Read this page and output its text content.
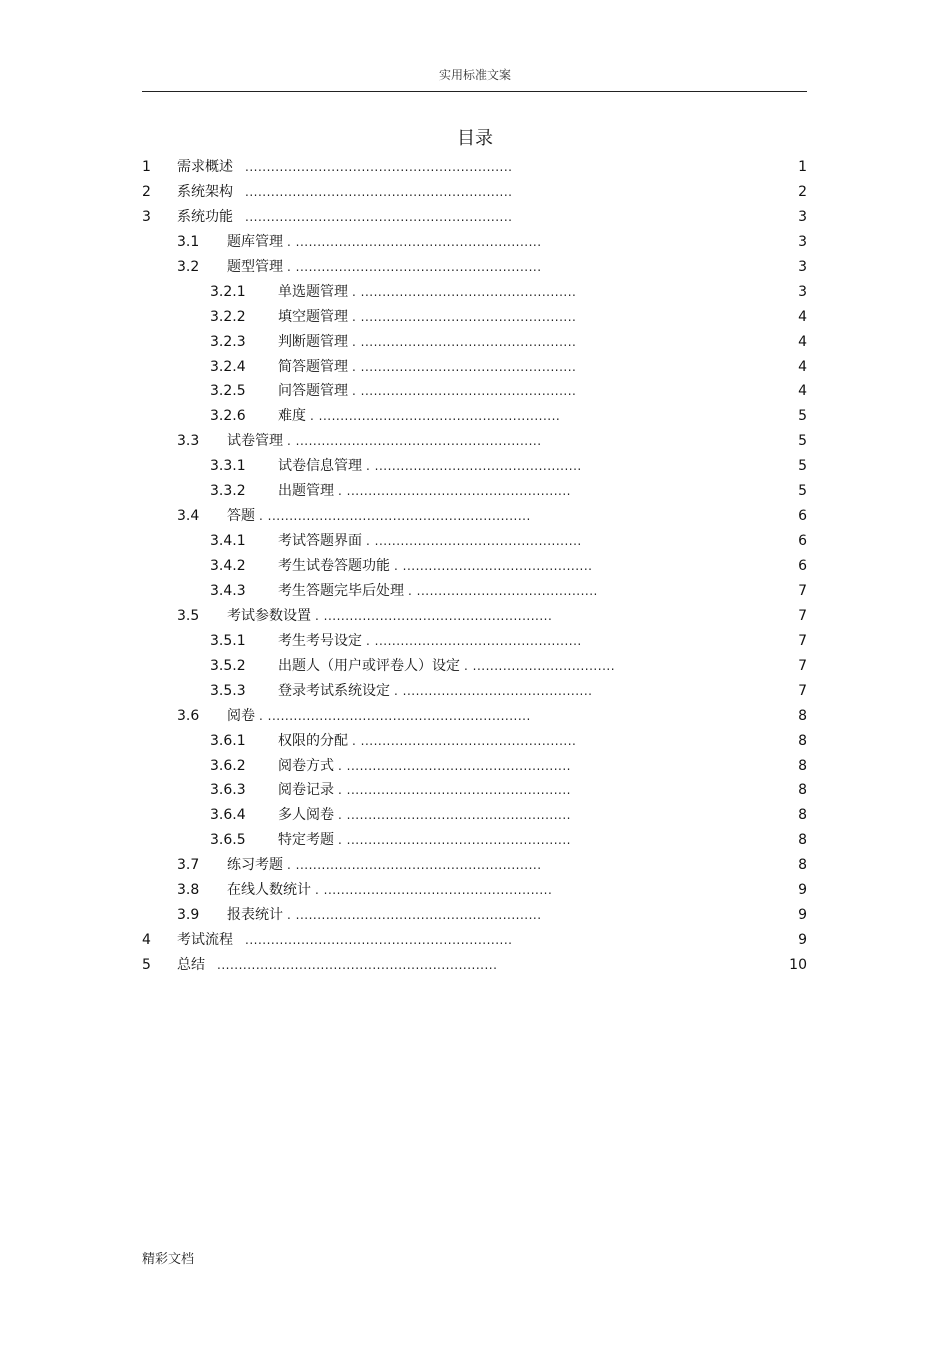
实用标准文案
目录
1 需求概述 ..............................................................	1
2 系统架构 ..............................................................	2
3 系统功能 ..............................................................	3
3.1 题库管理 . .........................................................	3
3.2 题型管理 . .........................................................	3
3.2.1 单选题管理 . ..................................................	3
3.2.2 填空题管理 . ..................................................	4
3.2.3 判断题管理 . ..................................................	4
3.2.4 简答题管理 . ..................................................	4
3.2.5 问答题管理 . ..................................................	4
3.2.6 难度 . ........................................................	5
3.3 试卷管理 . .........................................................	5
3.3.1 试卷信息管理 . ................................................	5
3.3.2 出题管理 . ....................................................	5
3.4 答题 . .............................................................	6
3.4.1 考试答题界面 . ................................................	6
3.4.2 考生试卷答题功能 . ............................................	6
3.4.3 考生答题完毕后处理 . ..........................................	7
3.5 考试参数设置 . .....................................................	7
3.5.1 考生考号设定 . ................................................	7
3.5.2 出题人（用户或评卷人）设定 . .................................	7
3.5.3 登录考试系统设定 . ............................................	7
3.6 阅卷 . .............................................................	8
3.6.1 权限的分配 . ..................................................	8
3.6.2 阅卷方式 . ....................................................	8
3.6.3 阅卷记录 . ....................................................	8
3.6.4 多人阅卷 . ....................................................	8
3.6.5 特定考题 . ....................................................	8
3.7 练习考题 . .........................................................	8
3.8 在线人数统计 . .....................................................	9
3.9 报表统计 . .........................................................	9
4 考试流程 ..............................................................	9
5 总结 .................................................................	10
精彩文档
